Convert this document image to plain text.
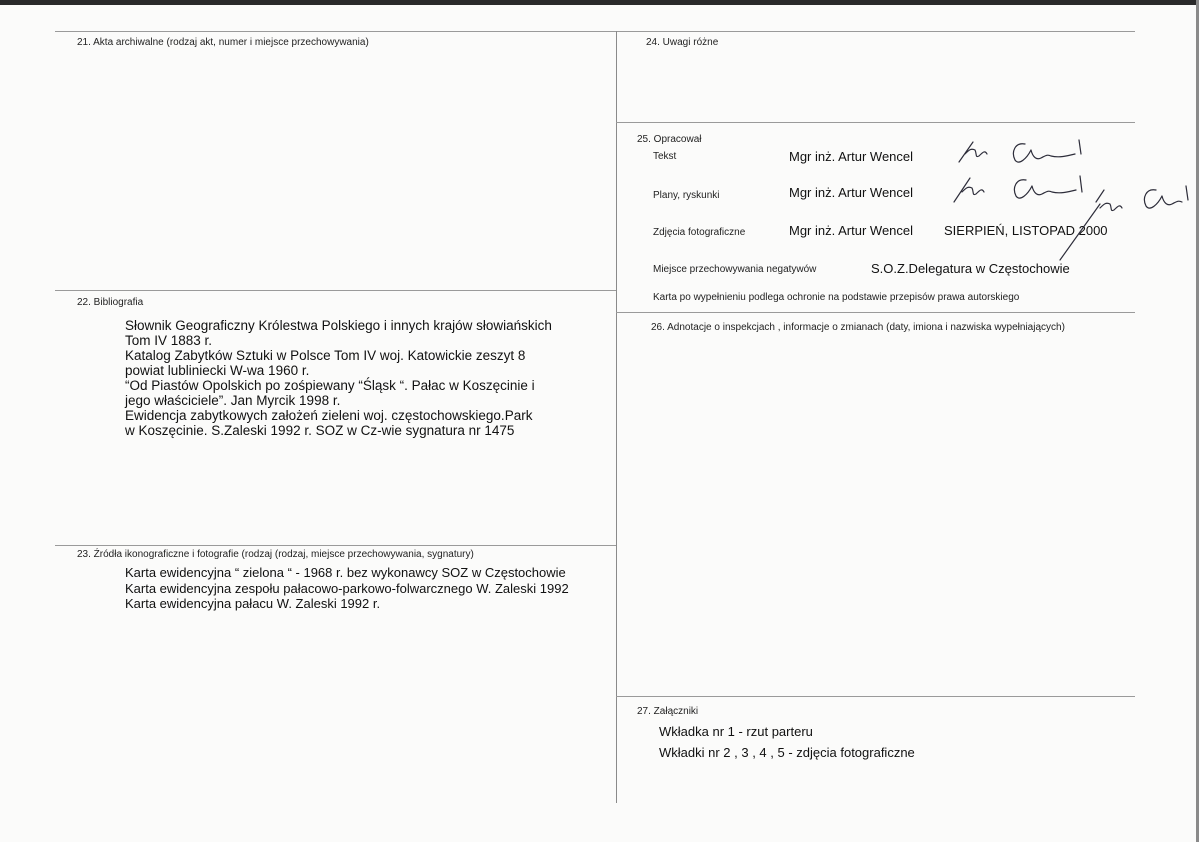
21. Akta archiwalne (rodzaj akt, numer i miejsce przechowywania)
22. Bibliografia

Słownik Geograficzny Królestwa Polskiego i innych krajów słowiańskich

Tom IV 1883 r.

Katalog Zabytków Sztuki w Polsce Tom IV woj. Katowickie zeszyt 8

powiat lubliniecki W-wa 1960 r.

“Od Piastów Opolskich po zośpiewany “Śląsk “. Pałac w Koszęcinie i

jego właściciele”. Jan Myrcik 1998 r.

Ewidencja zabytkowych założeń zieleni woj. częstochowskiego.Park

w Koszęcinie. S.Zaleski 1992 r. SOZ w Cz-wie sygnatura nr 1475

23. Źródła ikonograficzne i fotografie (rodzaj (rodzaj, miejsce przechowywania, sygnatury)

Karta ewidencyjna “ zielona “ - 1968 r. bez wykonawcy SOZ w Częstochowie

Karta ewidencyjna zespołu pałacowo-parkowo-folwarcznego W. Zaleski 1992

Karta ewidencyjna pałacu W. Zaleski 1992 r.

24. Uwagi różne
25. Opracował
Tekst	Mgr inż. Artur Wencel
Plany, ryskunki	Mgr inż. Artur Wencel
Zdjęcia fotograficzne	Mgr inż. Artur Wencel SIERPIEŃ, LISTOPAD 2000
Miejsce przechowywania negatywów	S.O.Z.Delegatura w Częstochowie
Karta po wypełnieniu podlega ochronie na podstawie przepisów prawa autorskiego
26. Adnotacje o inspekcjach , informacje o zmianach (daty, imiona i nazwiska wypełniających)
27. Załączniki
Wkładka nr 1 - rzut parteru
Wkładki nr 2 , 3 , 4 , 5 - zdjęcia fotograficzne
